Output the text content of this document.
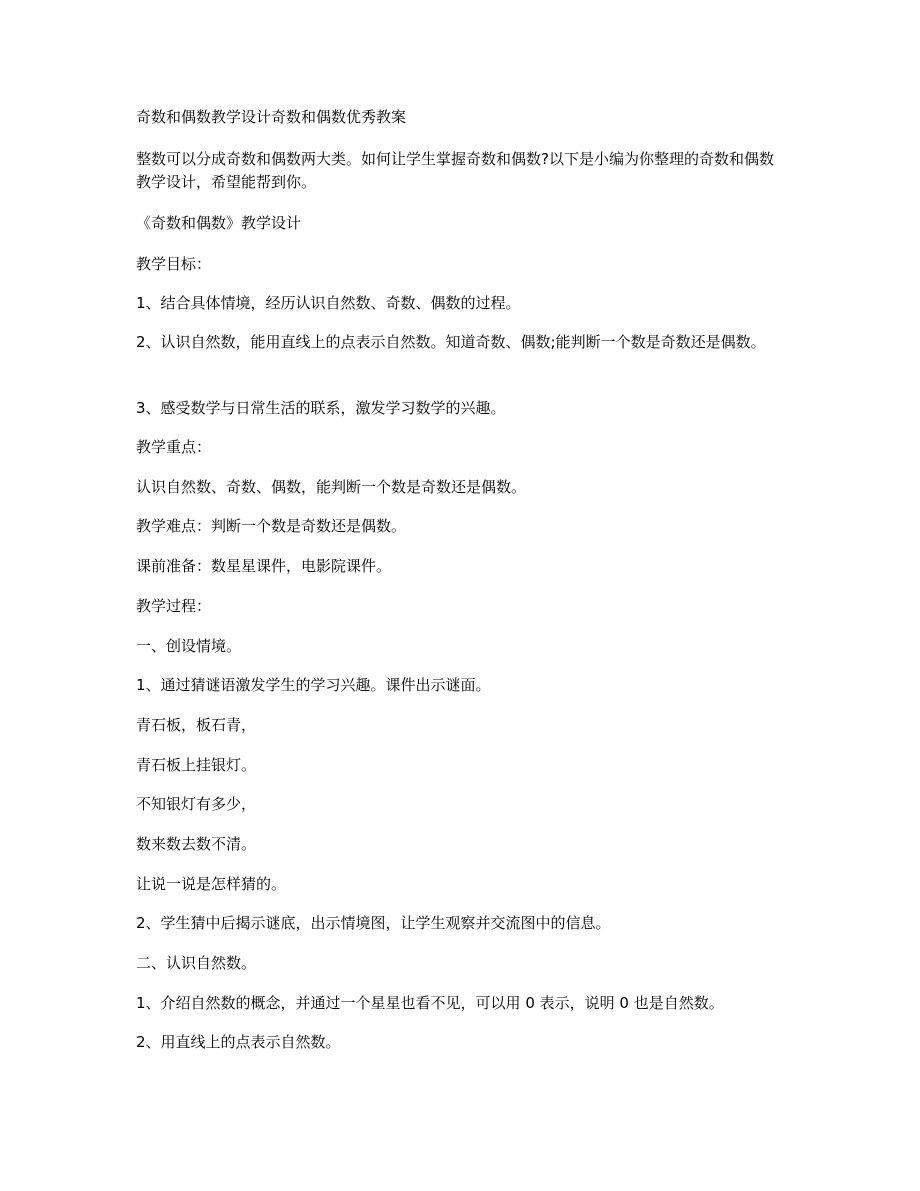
奇数和偶数教学设计奇数和偶数优秀教案

整数可以分成奇数和偶数两大类。如何让学生掌握奇数和偶数?以下是小编为你整理的奇数和偶数教学设计，希望能帮到你。

《奇数和偶数》教学设计

教学目标：

1、结合具体情境，经历认识自然数、奇数、偶数的过程。

2、认识自然数，能用直线上的点表示自然数。知道奇数、偶数;能判断一个数是奇数还是偶数。

3、感受数学与日常生活的联系，激发学习数学的兴趣。

教学重点：

认识自然数、奇数、偶数，能判断一个数是奇数还是偶数。

教学难点：判断一个数是奇数还是偶数。

课前准备：数星星课件，电影院课件。

教学过程：

一、创设情境。

1、通过猜谜语激发学生的学习兴趣。课件出示谜面。

青石板，板石青，

青石板上挂银灯。

不知银灯有多少，

数来数去数不清。

让说一说是怎样猜的。

2、学生猜中后揭示谜底，出示情境图，让学生观察并交流图中的信息。

二、认识自然数。

1、介绍自然数的概念，并通过一个星星也看不见，可以用 0 表示，说明 0 也是自然数。

2、用直线上的点表示自然数。
